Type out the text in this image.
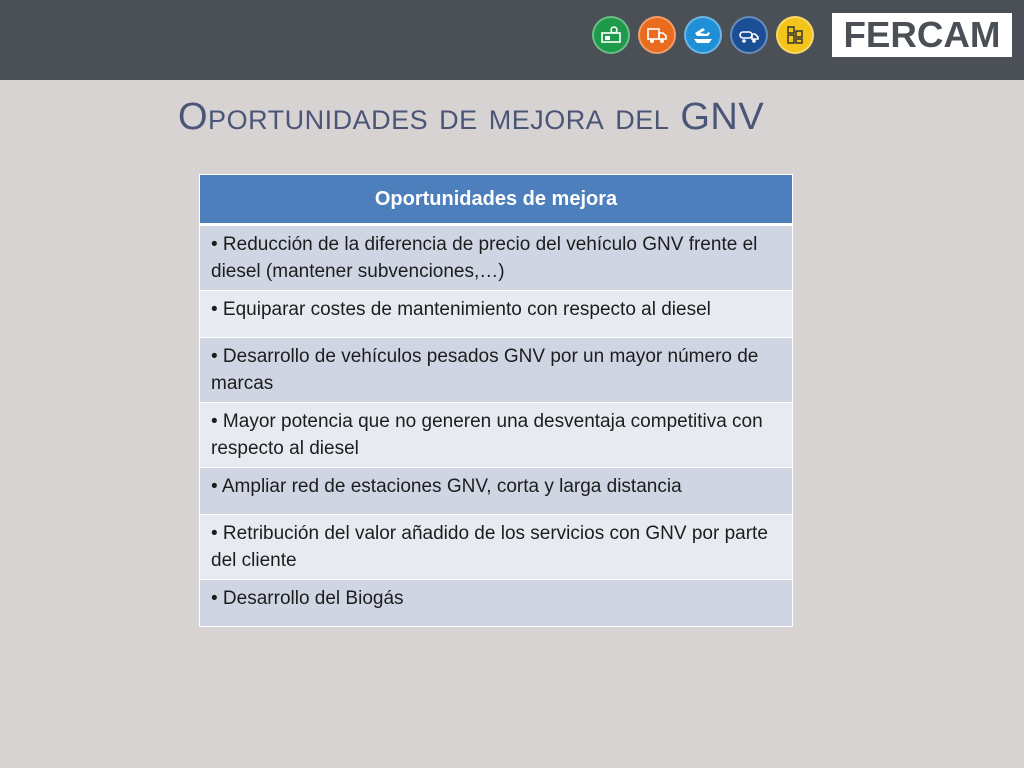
FERCAM
Oportunidades de mejora del GNV
Oportunidades de mejora
• Reducción de la diferencia de precio del vehículo GNV frente el diesel (mantener subvenciones,…)
• Equiparar costes de mantenimiento con respecto al diesel
• Desarrollo de vehículos pesados GNV por un mayor número de marcas
• Mayor potencia que no generen una desventaja competitiva con respecto al diesel
• Ampliar red de estaciones GNV, corta y larga distancia
• Retribución del valor añadido de los servicios con GNV por parte del cliente
• Desarrollo del Biogás
